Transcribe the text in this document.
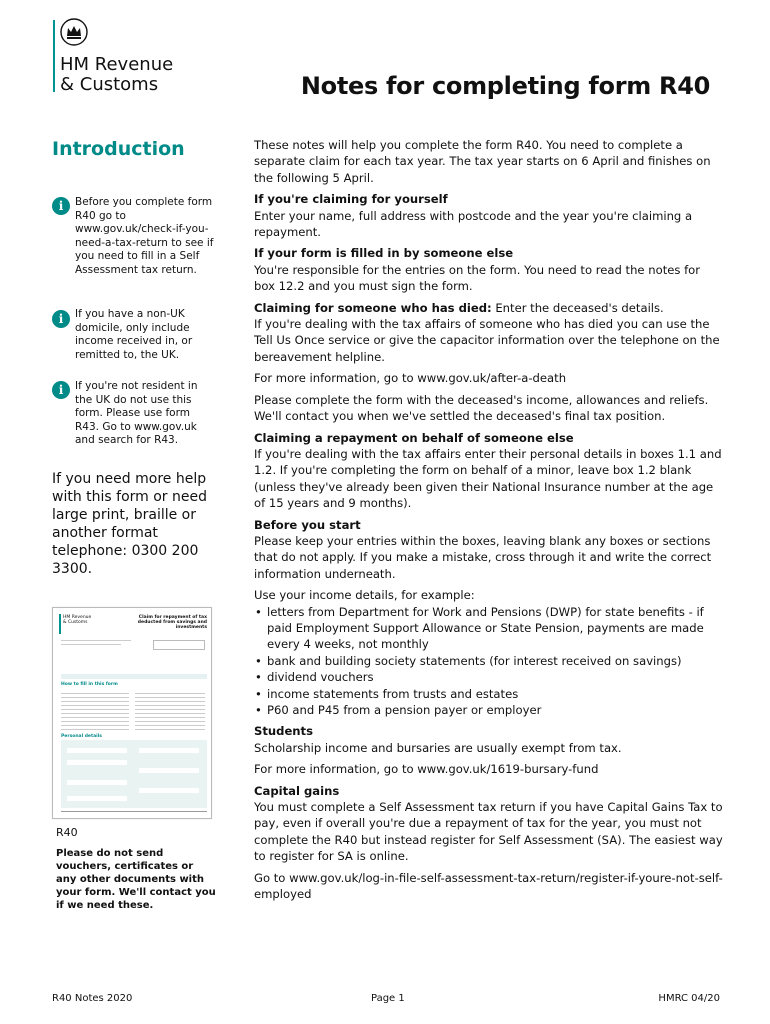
HM Revenue
& Customs	Notes for completing form R40
Introduction
i	Before you complete form R40 go to www.gov.uk/check-if-you-need-a-tax-return to see if you need to fill in a Self Assessment tax return.
i	If you have a non-UK domicile, only include income received in, or remitted to, the UK.
i	If you're not resident in the UK do not use this form. Please use form R43. Go to www.gov.uk and search for R43.
If you need more help with this form or need large print, braille or another format telephone: 0300 200 3300.
HM Revenue & Customs
Claim for repayment of tax deducted from savings and investments
How to fill in this form
Personal details
R40
Please do not send vouchers, certificates or any other documents with your form. We'll contact you if we need these.

These notes will help you complete the form R40. You need to complete a separate claim for each tax year. The tax year starts on 6 April and finishes on the following 5 April.

If you're claiming for yourself
Enter your name, full address with postcode and the year you're claiming a repayment.
If your form is filled in by someone else
You're responsible for the entries on the form. You need to read the notes for box 12.2 and you must sign the form.
Claiming for someone who has died: Enter the deceased's details.
If you're dealing with the tax affairs of someone who has died you can use the Tell Us Once service or give the capacitor information over the telephone on the bereavement helpline.

For more information, go to www.gov.uk/after-a-death

Please complete the form with the deceased's income, allowances and reliefs. We'll contact you when we've settled the deceased's final tax position.

Claiming a repayment on behalf of someone else
If you're dealing with the tax affairs enter their personal details in boxes 1.1 and 1.2. If you're completing the form on behalf of a minor, leave box 1.2 blank (unless they've already been given their National Insurance number at the age of 15 years and 9 months).
Before you start
Please keep your entries within the boxes, leaving blank any boxes or sections that do not apply. If you make a mistake, cross through it and write the correct information underneath.
Use your income details, for example:
• letters from Department for Work and Pensions (DWP) for state benefits - if paid Employment Support Allowance or State Pension, payments are made every 4 weeks, not monthly
• bank and building society statements (for interest received on savings)
• dividend vouchers
• income statements from trusts and estates
• P60 and P45 from a pension payer or employer
Students
Scholarship income and bursaries are usually exempt from tax.

For more information, go to www.gov.uk/1619-bursary-fund

Capital gains
You must complete a Self Assessment tax return if you have Capital Gains Tax to pay, even if overall you're due a repayment of tax for the year, you must not complete the R40 but instead register for Self Assessment (SA). The easiest way to register for SA is online.

Go to www.gov.uk/log-in-file-self-assessment-tax-return/register-if-youre-not-self-employed

R40 Notes 2020	Page 1	HMRC 04/20
